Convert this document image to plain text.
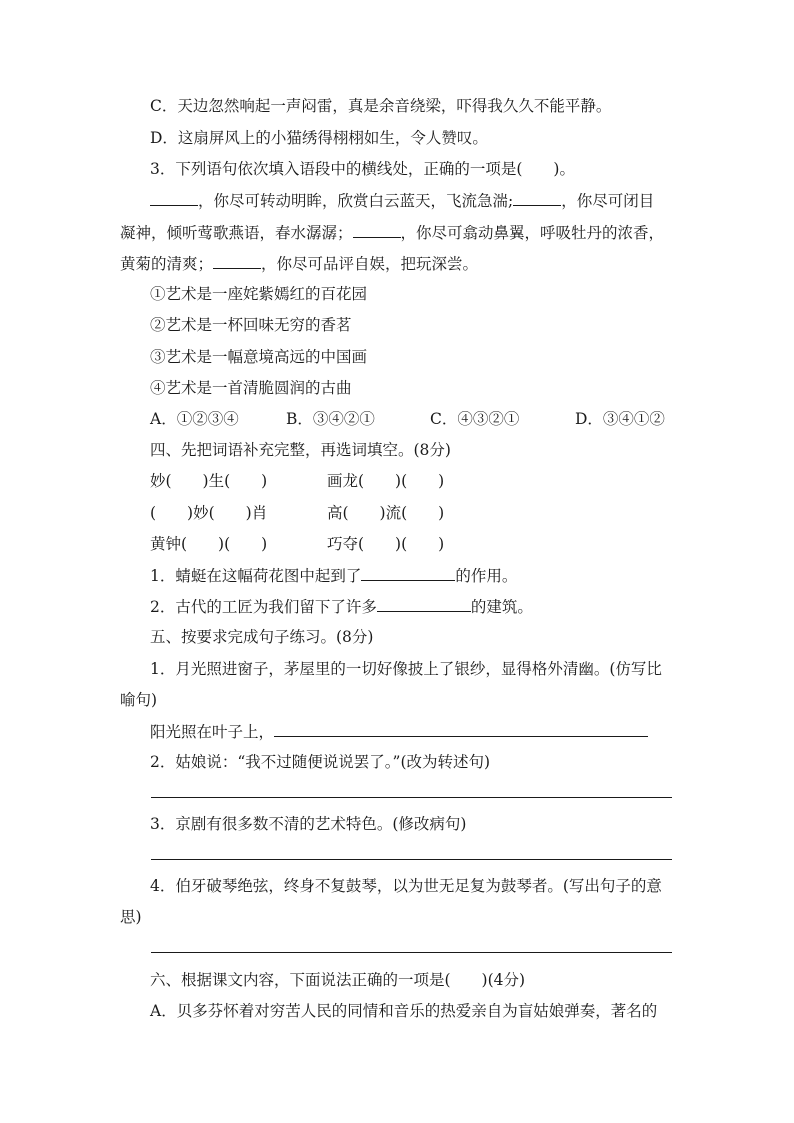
C．天边忽然响起一声闷雷，真是余音绕梁，吓得我久久不能平静。
D．这扇屏风上的小猫绣得栩栩如生，令人赞叹。
3．下列语句依次填入语段中的横线处，正确的一项是(　　)。
，你尽可转动明眸，欣赏白云蓝天，飞流急湍;	，你尽可闭目
凝神，倾听莺歌燕语，春水潺潺；	，你尽可翕动鼻翼，呼吸牡丹的浓香，
黄菊的清爽；	，你尽可品评自娱，把玩深尝。
①艺术是一座姹紫嫣红的百花园
②艺术是一杯回味无穷的香茗
③艺术是一幅意境高远的中国画
④艺术是一首清脆圆润的古曲
A．①②③④	B．③④②①	C．④③②①	D．③④①②
四、先把词语补充完整，再选词填空。(8分)
妙(　　)生(　　)	画龙(　　)(　　)
(　　)妙(　　)肖	高(　　)流(　　)
黄钟(　　)(　　)	巧夺(　　)(　　)
1．蜻蜓在这幅荷花图中起到了	的作用。
2．古代的工匠为我们留下了许多	的建筑。
五、按要求完成句子练习。(8分)
1．月光照进窗子，茅屋里的一切好像披上了银纱，显得格外清幽。(仿写比
喻句)
阳光照在叶子上，
2．姑娘说：“我不过随便说说罢了。”(改为转述句)
3．京剧有很多数不清的艺术特色。(修改病句)
4．伯牙破琴绝弦，终身不复鼓琴，以为世无足复为鼓琴者。(写出句子的意
思)
六、根据课文内容，下面说法正确的一项是(　　)(4分)
A．贝多芬怀着对穷苦人民的同情和音乐的热爱亲自为盲姑娘弹奏，著名的
